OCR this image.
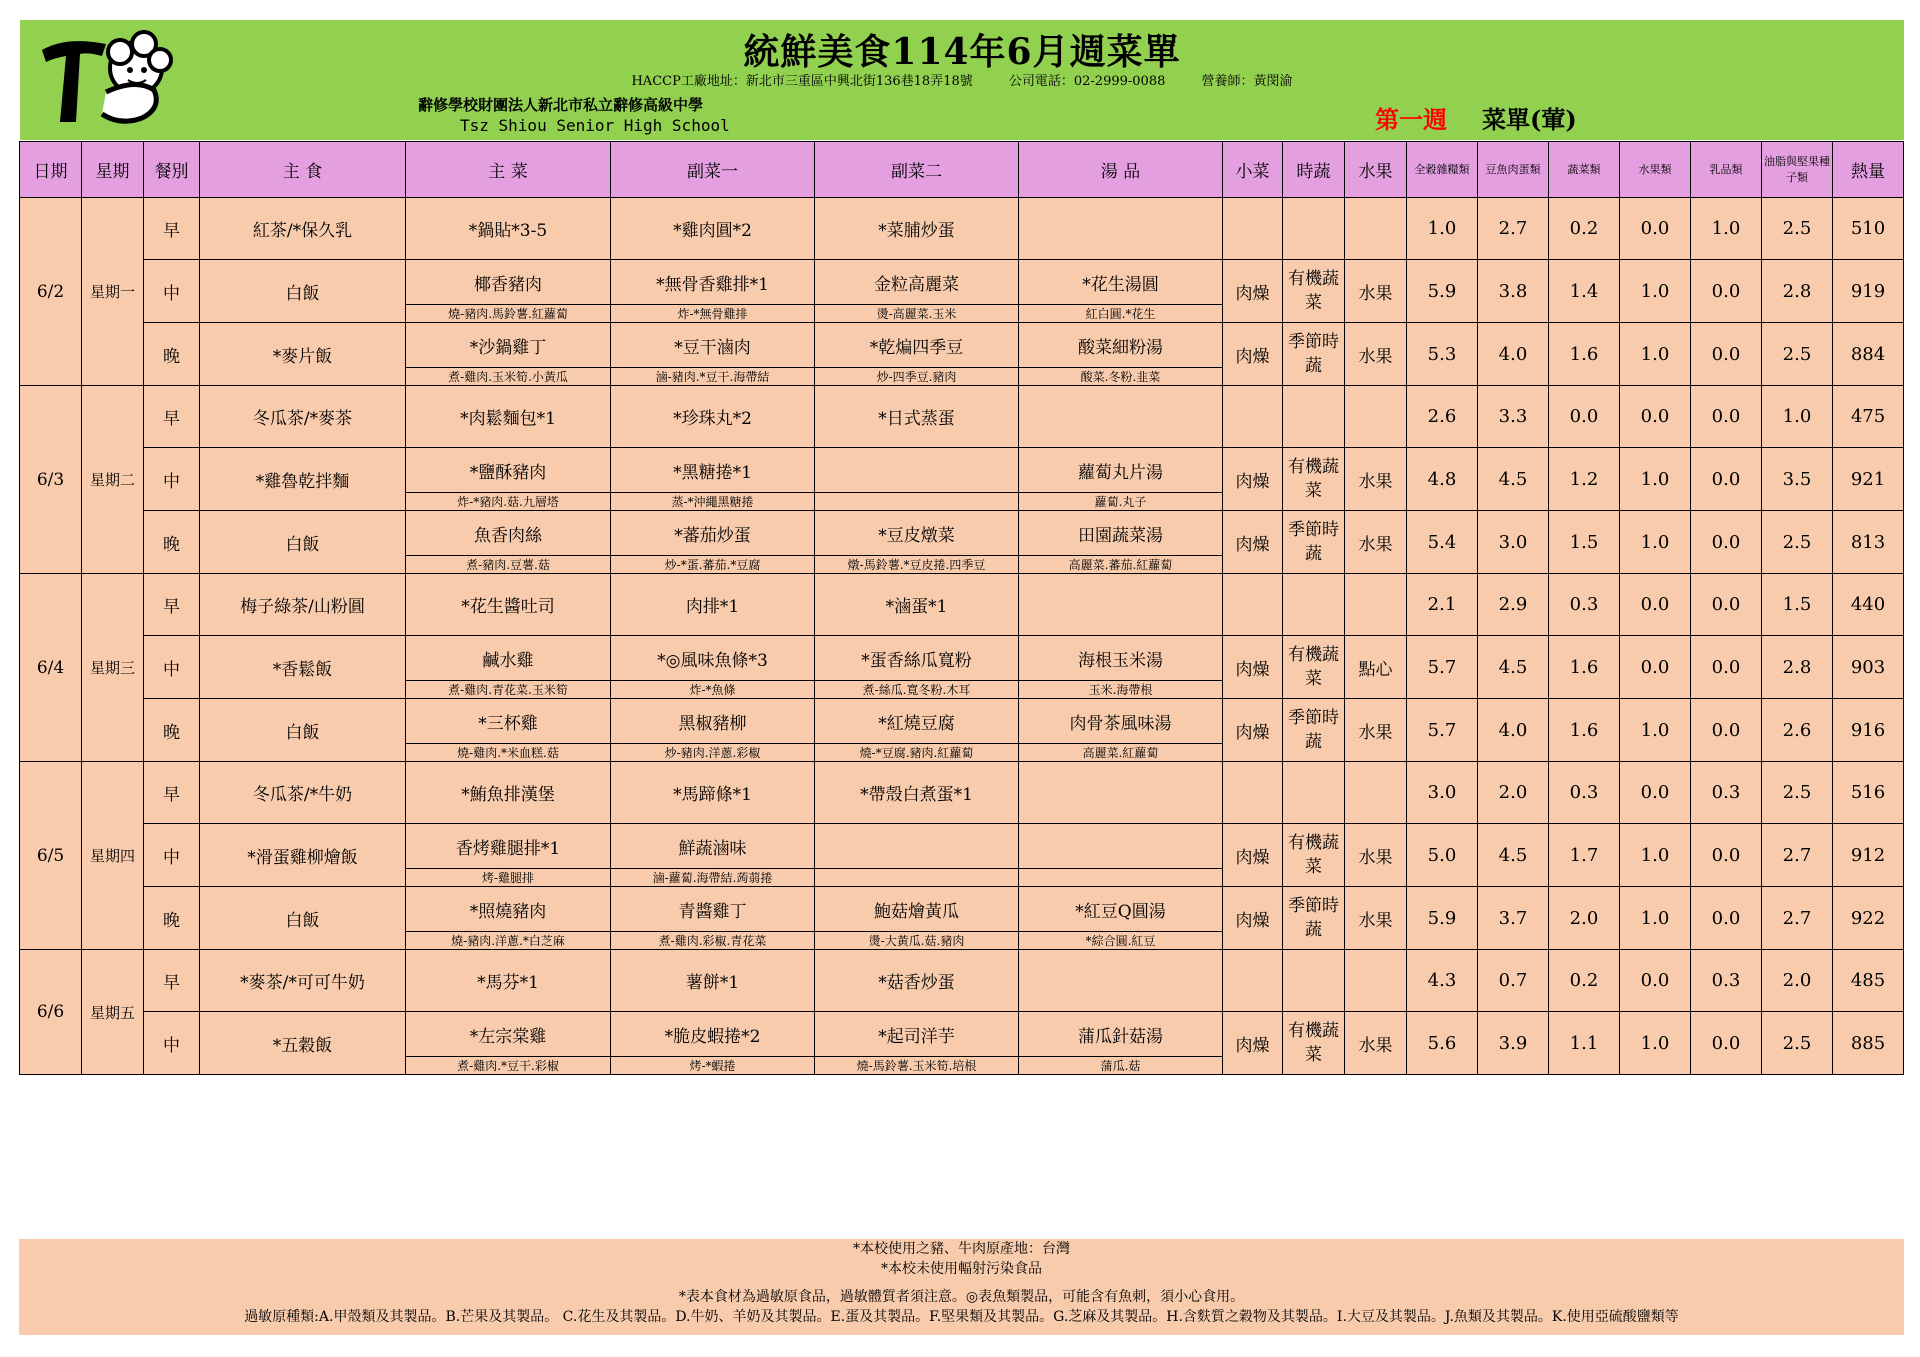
統鮮美食114年6月週菜單
HACCP工廠地址：新北市三重區中興北街136巷18弄18號	公司電話：02-2999-0088	營養師：黃閔渝
辭修學校財團法人新北市私立辭修高級中學
Tsz Shiou Senior High School	第一週 菜單(葷)
日期	星期	餐別	主 食	主 菜	副菜一	副菜二	湯 品	小菜	時蔬	水果	全穀雜糧類	豆魚肉蛋類	蔬菜類	水果類	乳品類	油脂與堅果種子類	熱量
6/2	星期一	早	紅茶/*保久乳	*鍋貼*3-5	*雞肉圓*2	*菜脯炒蛋					1.0	2.7	0.2	0.0	1.0	2.5	510
		中	白飯	椰香豬肉	*無骨香雞排*1	金粒高麗菜	*花生湯圓	肉燥	有機蔬菜	水果	5.9	3.8	1.4	1.0	0.0	2.8	919
				燒-豬肉.馬鈴薯.紅蘿蔔	炸-*無骨雞排	燙-高麗菜.玉米	紅白圓.*花生										
		晚	*麥片飯	*沙鍋雞丁	*豆干滷肉	*乾煸四季豆	酸菜細粉湯	肉燥	季節時蔬	水果	5.3	4.0	1.6	1.0	0.0	2.5	884
				煮-雞肉.玉米筍.小黃瓜	滷-豬肉.*豆干.海帶結	炒-四季豆.豬肉	酸菜.冬粉.韭菜										
6/3	星期二	早	冬瓜茶/*麥茶	*肉鬆麵包*1	*珍珠丸*2	*日式蒸蛋					2.6	3.3	0.0	0.0	0.0	1.0	475
		中	*雞魯乾拌麵	*鹽酥豬肉	*黑糖捲*1		蘿蔔丸片湯	肉燥	有機蔬菜	水果	4.8	4.5	1.2	1.0	0.0	3.5	921
				炸-*豬肉.菇.九層塔	蒸-*沖繩黑糖捲		蘿蔔.丸子										
		晚	白飯	魚香肉絲	*蕃茄炒蛋	*豆皮燉菜	田園蔬菜湯	肉燥	季節時蔬	水果	5.4	3.0	1.5	1.0	0.0	2.5	813
				煮-豬肉.豆薯.菇	炒-*蛋.蕃茄.*豆腐	燉-馬鈴薯.*豆皮捲.四季豆	高麗菜.蕃茄.紅蘿蔔										
6/4	星期三	早	梅子綠茶/山粉圓	*花生醬吐司	肉排*1	*滷蛋*1					2.1	2.9	0.3	0.0	0.0	1.5	440
		中	*香鬆飯	鹹水雞	*◎風味魚條*3	*蛋香絲瓜寬粉	海根玉米湯	肉燥	有機蔬菜	點心	5.7	4.5	1.6	0.0	0.0	2.8	903
				煮-雞肉.青花菜.玉米筍	炸-*魚條	煮-絲瓜.寬冬粉.木耳	玉米.海帶根										
		晚	白飯	*三杯雞	黑椒豬柳	*紅燒豆腐	肉骨茶風味湯	肉燥	季節時蔬	水果	5.7	4.0	1.6	1.0	0.0	2.6	916
				燒-雞肉.*米血糕.菇	炒-豬肉.洋蔥.彩椒	燒-*豆腐.豬肉.紅蘿蔔	高麗菜.紅蘿蔔										
6/5	星期四	早	冬瓜茶/*牛奶	*鮪魚排漢堡	*馬蹄條*1	*帶殼白煮蛋*1					3.0	2.0	0.3	0.0	0.3	2.5	516
		中	*滑蛋雞柳燴飯	香烤雞腿排*1	鮮蔬滷味			肉燥	有機蔬菜	水果	5.0	4.5	1.7	1.0	0.0	2.7	912
				烤-雞腿排	滷-蘿蔔.海帶結.蒟蒻捲												
		晚	白飯	*照燒豬肉	青醬雞丁	鮑菇燴黃瓜	*紅豆Q圓湯	肉燥	季節時蔬	水果	5.9	3.7	2.0	1.0	0.0	2.7	922
				燒-豬肉.洋蔥.*白芝麻	煮-雞肉.彩椒.青花菜	燙-大黃瓜.菇.豬肉	*綜合圓.紅豆										
6/6	星期五	早	*麥茶/*可可牛奶	*馬芬*1	薯餅*1	*菇香炒蛋					4.3	0.7	0.2	0.0	0.3	2.0	485
		中	*五穀飯	*左宗棠雞	*脆皮蝦捲*2	*起司洋芋	蒲瓜針菇湯	肉燥	有機蔬菜	水果	5.6	3.9	1.1	1.0	0.0	2.5	885
				煮-雞肉.*豆干.彩椒	烤-*蝦捲	燒-馬鈴薯.玉米筍.培根	蒲瓜.菇										
*本校使用之豬、牛肉原產地：台灣
*本校未使用輻射污染食品
*表本食材為過敏原食品，過敏體質者須注意。◎表魚類製品，可能含有魚刺，須小心食用。
過敏原種類:A.甲殼類及其製品。B.芒果及其製品。 C.花生及其製品。D.牛奶、羊奶及其製品。E.蛋及其製品。F.堅果類及其製品。G.芝麻及其製品。H.含麩質之穀物及其製品。I.大豆及其製品。J.魚類及其製品。K.使用亞硫酸鹽類等
